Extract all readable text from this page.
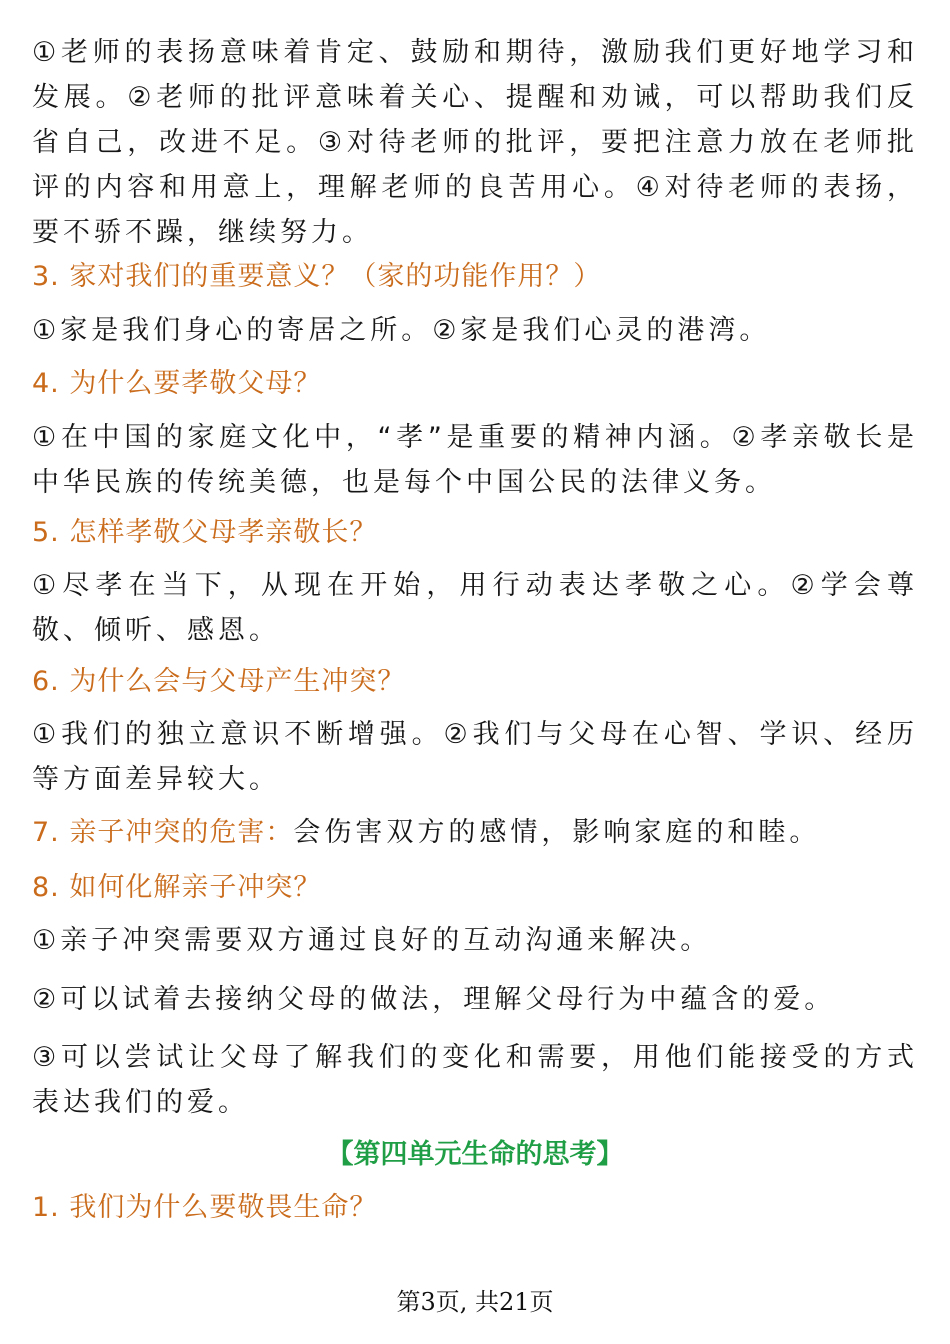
①老师的表扬意味着肯定、鼓励和期待，激励我们更好地学习和发展。②老师的批评意味着关心、提醒和劝诫，可以帮助我们反省自己，改进不足。③对待老师的批评，要把注意力放在老师批评的内容和用意上，理解老师的良苦用心。④对待老师的表扬，要不骄不躁，继续努力。
3. 家对我们的重要意义？（家的功能作用？）
①家是我们身心的寄居之所。②家是我们心灵的港湾。
4. 为什么要孝敬父母？
①在中国的家庭文化中，“孝”是重要的精神内涵。②孝亲敬长是中华民族的传统美德，也是每个中国公民的法律义务。
5. 怎样孝敬父母孝亲敬长？
①尽孝在当下，从现在开始，用行动表达孝敬之心。②学会尊敬、倾听、感恩。
6. 为什么会与父母产生冲突？
①我们的独立意识不断增强。②我们与父母在心智、学识、经历等方面差异较大。
7. 亲子冲突的危害：会伤害双方的感情，影响家庭的和睦。
8. 如何化解亲子冲突？
①亲子冲突需要双方通过良好的互动沟通来解决。
②可以试着去接纳父母的做法，理解父母行为中蕴含的爱。
③可以尝试让父母了解我们的变化和需要，用他们能接受的方式表达我们的爱。
【第四单元生命的思考】
1. 我们为什么要敬畏生命？
第3页, 共21页
